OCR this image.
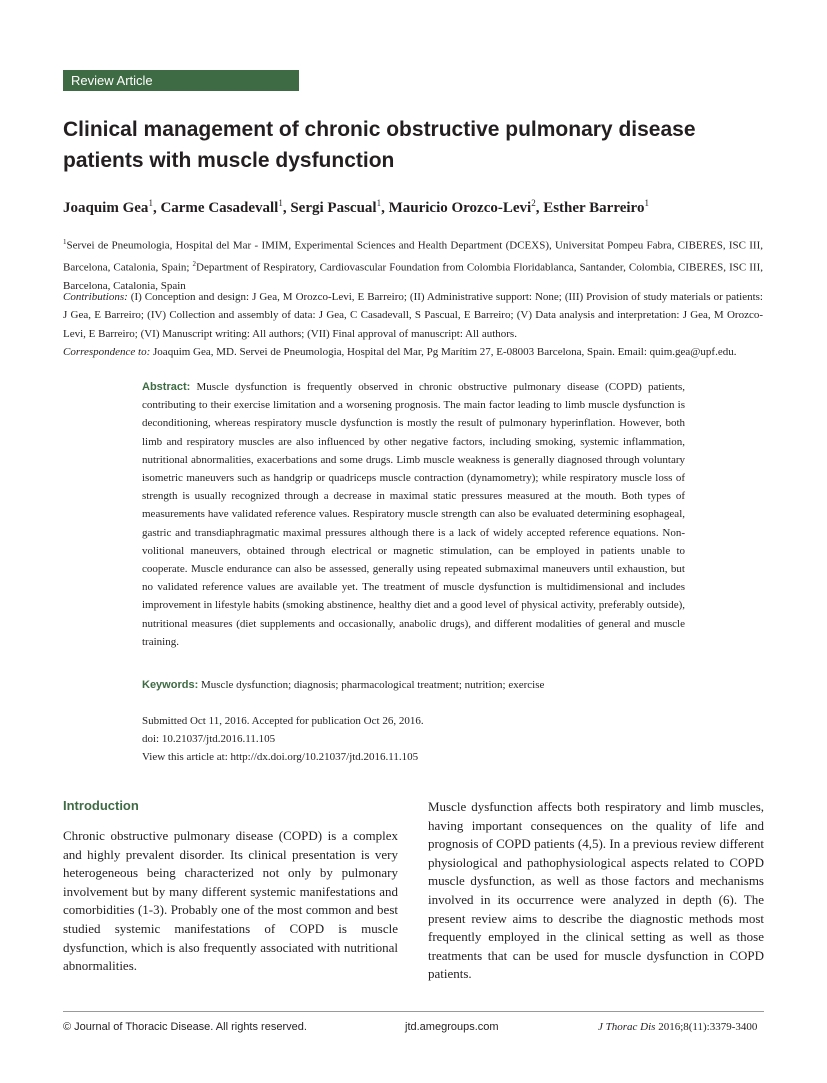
Review Article
Clinical management of chronic obstructive pulmonary disease patients with muscle dysfunction
Joaquim Gea$^1$, Carme Casadevall$^1$, Sergi Pascual$^1$, Mauricio Orozco-Levi$^2$, Esther Barreiro$^1$
$^1$Servei de Pneumologia, Hospital del Mar - IMIM, Experimental Sciences and Health Department (DCEXS), Universitat Pompeu Fabra, CIBERES, ISC III, Barcelona, Catalonia, Spain; $^2$Department of Respiratory, Cardiovascular Foundation from Colombia Floridablanca, Santander, Colombia, CIBERES, ISC III, Barcelona, Catalonia, Spain
Contributions: (I) Conception and design: J Gea, M Orozco-Levi, E Barreiro; (II) Administrative support: None; (III) Provision of study materials or patients: J Gea, E Barreiro; (IV) Collection and assembly of data: J Gea, C Casadevall, S Pascual, E Barreiro; (V) Data analysis and interpretation: J Gea, M Orozco-Levi, E Barreiro; (VI) Manuscript writing: All authors; (VII) Final approval of manuscript: All authors.
Correspondence to: Joaquim Gea, MD. Servei de Pneumologia, Hospital del Mar, Pg Marítim 27, E-08003 Barcelona, Spain. Email: quim.gea@upf.edu.
Abstract: Muscle dysfunction is frequently observed in chronic obstructive pulmonary disease (COPD) patients, contributing to their exercise limitation and a worsening prognosis. The main factor leading to limb muscle dysfunction is deconditioning, whereas respiratory muscle dysfunction is mostly the result of pulmonary hyperinflation. However, both limb and respiratory muscles are also influenced by other negative factors, including smoking, systemic inflammation, nutritional abnormalities, exacerbations and some drugs. Limb muscle weakness is generally diagnosed through voluntary isometric maneuvers such as handgrip or quadriceps muscle contraction (dynamometry); while respiratory muscle loss of strength is usually recognized through a decrease in maximal static pressures measured at the mouth. Both types of measurements have validated reference values. Respiratory muscle strength can also be evaluated determining esophageal, gastric and transdiaphragmatic maximal pressures although there is a lack of widely accepted reference equations. Non-volitional maneuvers, obtained through electrical or magnetic stimulation, can be employed in patients unable to cooperate. Muscle endurance can also be assessed, generally using repeated submaximal maneuvers until exhaustion, but no validated reference values are available yet. The treatment of muscle dysfunction is multidimensional and includes improvement in lifestyle habits (smoking abstinence, healthy diet and a good level of physical activity, preferably outside), nutritional measures (diet supplements and occasionally, anabolic drugs), and different modalities of general and muscle training.
Keywords: Muscle dysfunction; diagnosis; pharmacological treatment; nutrition; exercise
Submitted Oct 11, 2016. Accepted for publication Oct 26, 2016.
doi: 10.21037/jtd.2016.11.105
View this article at: http://dx.doi.org/10.21037/jtd.2016.11.105
Introduction
Chronic obstructive pulmonary disease (COPD) is a complex and highly prevalent disorder. Its clinical presentation is very heterogeneous being characterized not only by pulmonary involvement but by many different systemic manifestations and comorbidities (1-3). Probably one of the most common and best studied systemic manifestations of COPD is muscle dysfunction, which is also frequently associated with nutritional abnormalities.
Muscle dysfunction affects both respiratory and limb muscles, having important consequences on the quality of life and prognosis of COPD patients (4,5). In a previous review different physiological and pathophysiological aspects related to COPD muscle dysfunction, as well as those factors and mechanisms involved in its occurrence were analyzed in depth (6). The present review aims to describe the diagnostic methods most frequently employed in the clinical setting as well as those treatments that can be used for muscle dysfunction in COPD patients.
© Journal of Thoracic Disease. All rights reserved.	jtd.amegroups.com	J Thorac Dis 2016;8(11):3379-3400
